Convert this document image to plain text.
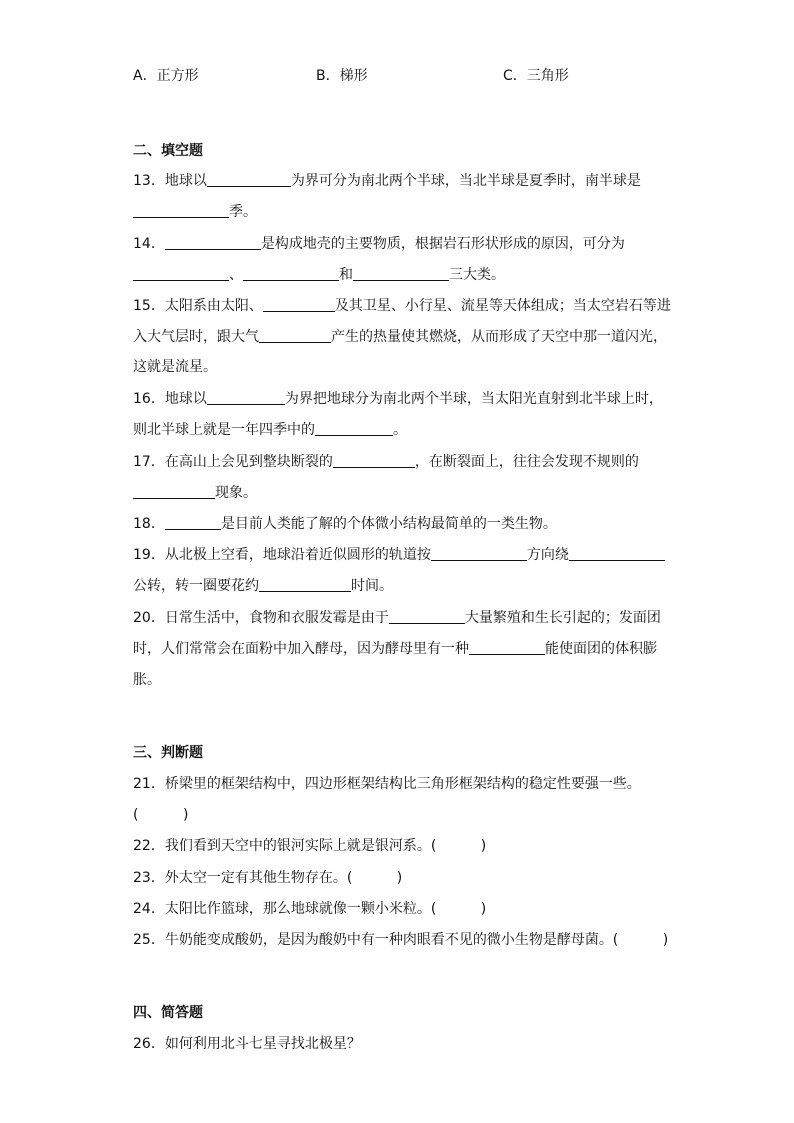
A．正方形	B．梯形	C．三角形
二、填空题
13．地球以	为界可分为南北两个半球，当北半球是夏季时，南半球是
季。
14．	是构成地壳的主要物质，根据岩石形状形成的原因，可分为
、	和	三大类。
15．太阳系由太阳、	及其卫星、小行星、流星等天体组成；当太空岩石等进
入大气层时，跟大气	产生的热量使其燃烧，从而形成了天空中那一道闪光，
这就是流星。
16．地球以	为界把地球分为南北两个半球，当太阳光直射到北半球上时，
则北半球上就是一年四季中的	。
17．在高山上会见到整块断裂的	，在断裂面上，往往会发现不规则的
现象。
18．	是目前人类能了解的个体微小结构最简单的一类生物。
19．从北极上空看，地球沿着近似圆形的轨道按	方向绕
公转，转一圈要花约	时间。
20．日常生活中，食物和衣服发霉是由于	大量繁殖和生长引起的；发面团
时，人们常常会在面粉中加入酵母，因为酵母里有一种	能使面团的体积膨
胀。
三、判断题
21．桥梁里的框架结构中，四边形框架结构比三角形框架结构的稳定性要强一些。
(          )
22．我们看到天空中的银河实际上就是银河系。(          )
23．外太空一定有其他生物存在。(          )
24．太阳比作篮球，那么地球就像一颗小米粒。(          )
25．牛奶能变成酸奶，是因为酸奶中有一种肉眼看不见的微小生物是酵母菌。(          )
四、简答题
26．如何利用北斗七星寻找北极星？
